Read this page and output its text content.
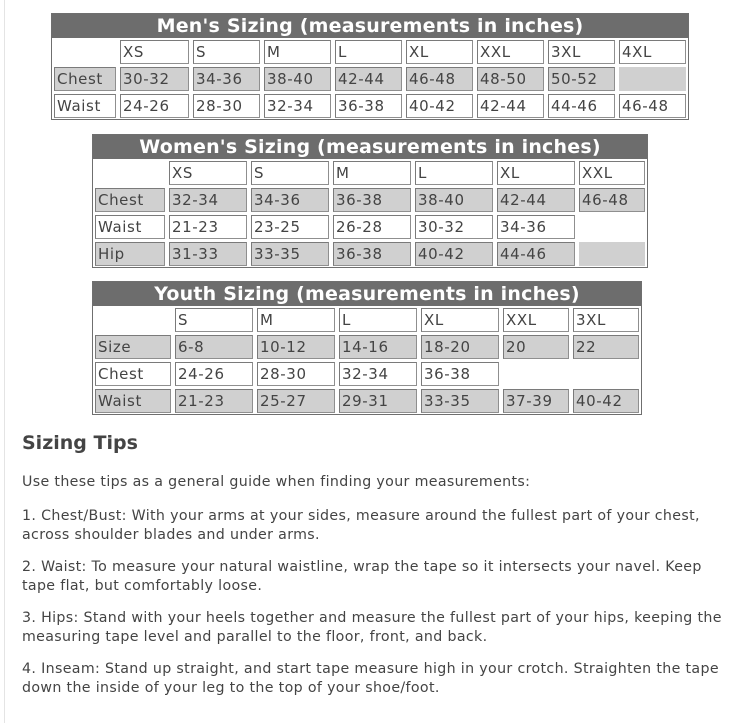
Men's Sizing (measurements in inches)								

	XS	S	M	L	XL	XXL	3XL	4XL

Chest	30-32	34-36	38-40	42-44	46-48	48-50	50-52	

Waist	24-26	28-30	32-34	36-38	40-42	42-44	44-46	46-48
Women's Sizing (measurements in inches)						

	XS	S	M	L	XL	XXL

Chest	32-34	34-36	36-38	38-40	42-44	46-48

Waist	21-23	23-25	26-28	30-32	34-36	

Hip	31-33	33-35	36-38	40-42	44-46	

Youth Sizing (measurements in inches)						

	S	M	L	XL	XXL	3XL

Size	6-8	10-12	14-16	18-20	20	22

Chest	24-26	28-30	32-34	36-38		

Waist	21-23	25-27	29-31	33-35	37-39	40-42
Sizing Tips

Use these tips as a general guide when finding your measurements:

1. Chest/Bust: With your arms at your sides, measure around the fullest part of your chest, across shoulder blades and under arms.

2. Waist: To measure your natural waistline, wrap the tape so it intersects your navel. Keep tape flat, but comfortably loose.

3. Hips: Stand with your heels together and measure the fullest part of your hips, keeping the measuring tape level and parallel to the floor, front, and back.

4. Inseam: Stand up straight, and start tape measure high in your crotch. Straighten the tape down the inside of your leg to the top of your shoe/foot.
